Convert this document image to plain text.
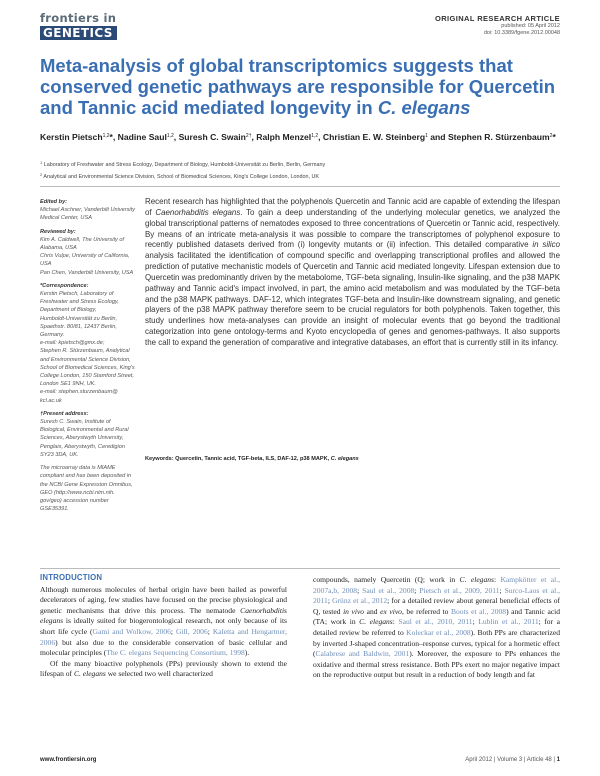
frontiers in
GENETICS
ORIGINAL RESEARCH ARTICLE
published: 05 April 2012
doi: 10.3389/fgene.2012.00048
Meta-analysis of global transcriptomics suggests that conserved genetic pathways are responsible for Quercetin and Tannic acid mediated longevity in C. elegans
Kerstin Pietsch$^{1,2}$*, Nadine Saul$^{1,2}$, Suresh C. Swain$^{2\dagger}$, Ralph Menzel$^{1,2}$, Christian E. W. Steinberg$^1$ and Stephen R. Stürzenbaum$^2$*
$^1$ Laboratory of Freshwater and Stress Ecology, Department of Biology, Humboldt-Universität zu Berlin, Berlin, Germany
$^2$ Analytical and Environmental Science Division, School of Biomedical Sciences, King's College London, London, UK
Edited by:
Michael Aschner, Vanderbilt University
Medical Center, USA
Reviewed by:
Kim A. Caldwell, The University of
Alabama, USA
Chris Vulpe, University of California,
USA
Pan Chen, Vanderbilt University, USA
*Correspondence:
Kerstin Pietsch, Laboratory of
Freshwater and Stress Ecology,
Department of Biology,
Humboldt-Universität zu Berlin,
Spaethstr. 80/81, 12437 Berlin,
Germany.
e-mail: kpietsch@gmx.de;
Stephen R. Stürzenbaum, Analytical
and Environmental Science Division,
School of Biomedical Sciences, King's
College London, 150 Stamford Street,
London SE1 9NH, UK.
e-mail: stephen.sturzenbaum@
kcl.ac.uk
†Present address:
Suresh C. Swain, Institute of
Biological, Environmental and Rural
Sciences, Aberystwyth University,
Penglais, Aberystwyth, Ceredigion
SY23 3DA, UK.
The microarray data is MIAME
compliant and has been deposited in
the NCBI Gene Expression Omnibus,
GEO (http://www.ncbi.nlm.nih.
gov/geo) accession number
GSE35391.
Recent research has highlighted that the polyphenols Quercetin and Tannic acid are capable of extending the lifespan of Caenorhabditis elegans. To gain a deep understanding of the underlying molecular genetics, we analyzed the global transcriptional patterns of nematodes exposed to three concentrations of Quercetin or Tannic acid, respectively. By means of an intricate meta-analysis it was possible to compare the transcriptomes of polyphenol exposure to recently published datasets derived from (i) longevity mutants or (ii) infection. This detailed comparative in silico analysis facilitated the identification of compound specific and overlapping transcriptional profiles and allowed the prediction of putative mechanistic models of Quercetin and Tannic acid mediated longevity. Lifespan extension due to Quercetin was predominantly driven by the metabolome, TGF-beta signaling, Insulin-like signaling, and the p38 MAPK pathway and Tannic acid's impact involved, in part, the amino acid metabolism and was modulated by the TGF-beta and the p38 MAPK pathways. DAF-12, which integrates TGF-beta and Insulin-like downstream signaling, and genetic players of the p38 MAPK pathway therefore seem to be crucial regulators for both polyphenols. Taken together, this study underlines how meta-analyses can provide an insight of molecular events that go beyond the traditional categorization into gene ontology-terms and Kyoto encyclopedia of genes and genomes-pathways. It also supports the call to expand the generation of comparative and integrative databases, an effort that is currently still in its infancy.
Keywords: Quercetin, Tannic acid, TGF-beta, ILS, DAF-12, p38 MAPK, C. elegans
INTRODUCTION

Although numerous molecules of herbal origin have been hailed as powerful decelerators of aging, few studies have focused on the precise physiological and genetic mechanisms that drive this process. The nematode Caenorhabditis elegans is ideally suited for biogerontological research, not only because of its short life cycle (Gami and Wolkow, 2006; Gill, 2006; Kaletta and Hengartner, 2006) but also due to the considerable conservation of basic cellular and molecular principles (The C. elegans Sequencing Consortium, 1998).

Of the many bioactive polyphenols (PPs) previously shown to extend the lifespan of C. elegans we selected two well characterized

compounds, namely Quercetin (Q; work in C. elegans: Kampkötter et al., 2007a,b, 2008; Saul et al., 2008; Pietsch et al., 2009, 2011; Surco-Laos et al., 2011; Grünz et al., 2012; for a detailed review about general beneficial effects of Q, tested in vivo and ex vivo, be referred to Boots et al., 2008) and Tannic acid (TA; work in C. elegans: Saul et al., 2010, 2011; Lublin et al., 2011; for a detailed review be referred to Koleckar et al., 2008). Both PPs are characterized by inverted J-shaped concentration–response curves, typical for a hormetic effect (Calabrese and Baldwin, 2001). Moreover, the exposure to PPs enhances the oxidative and thermal stress resistance. Both PPs exert no major negative impact on the reproductive output but result in a reduction of body length and fat

www.frontiersin.org	April 2012 | Volume 3 | Article 48 | 1
